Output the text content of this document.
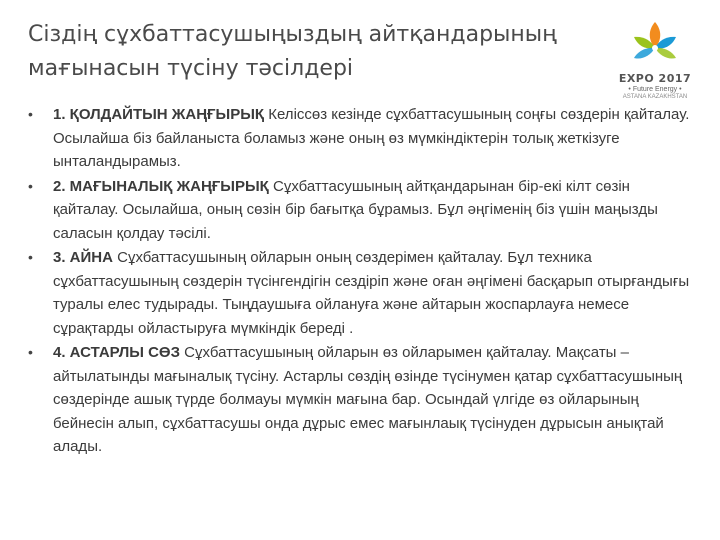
Сіздің сұхбаттасушыңыздың айтқандарының
мағынасын түсіну тәсілдері	EXPO 2017
• Future Energy •
ASTANA KAZAKHSTAN
• 1. ҚОЛДАЙТЫН ЖАҢҒЫРЫҚ Келіссөз кезінде сұхбаттасушының соңғы сөздерін қайталау. Осылайша біз байланыста боламыз және оның өз мүмкіндіктерін толық жеткізуге ынталандырамыз.
• 2. МАҒЫНАЛЫҚ ЖАҢҒЫРЫҚ Сұхбаттасушының айтқандарынан бір-екі кілт сөзін қайталау. Осылайша, оның сөзін бір бағытқа бұрамыз. Бұл әңгіменің біз үшін маңызды саласын қолдау тәсілі.
• 3. АЙНА Сұхбаттасушының ойларын оның сөздерімен қайталау. Бұл техника сұхбаттасушының сөздерін түсінгендігін сездіріп және оған әңгімені басқарып отырғандығы туралы елес тудырады. Тыңдаушыға ойлануға және айтарын жоспарлауға немесе сұрақтарды ойластыруға мүмкіндік береді .
• 4. АСТАРЛЫ СӨЗ Сұхбаттасушының ойларын өз ойларымен қайталау. Мақсаты – айтылатынды мағыналық түсіну. Астарлы сөздің өзінде түсінумен қатар сұхбаттасушының сөздерінде ашық түрде болмауы мүмкін мағына бар. Осындай үлгіде өз ойларының бейнесін алып, сұхбаттасушы онда дұрыс емес мағынлаық түсінуден дұрысын анықтай алады.
